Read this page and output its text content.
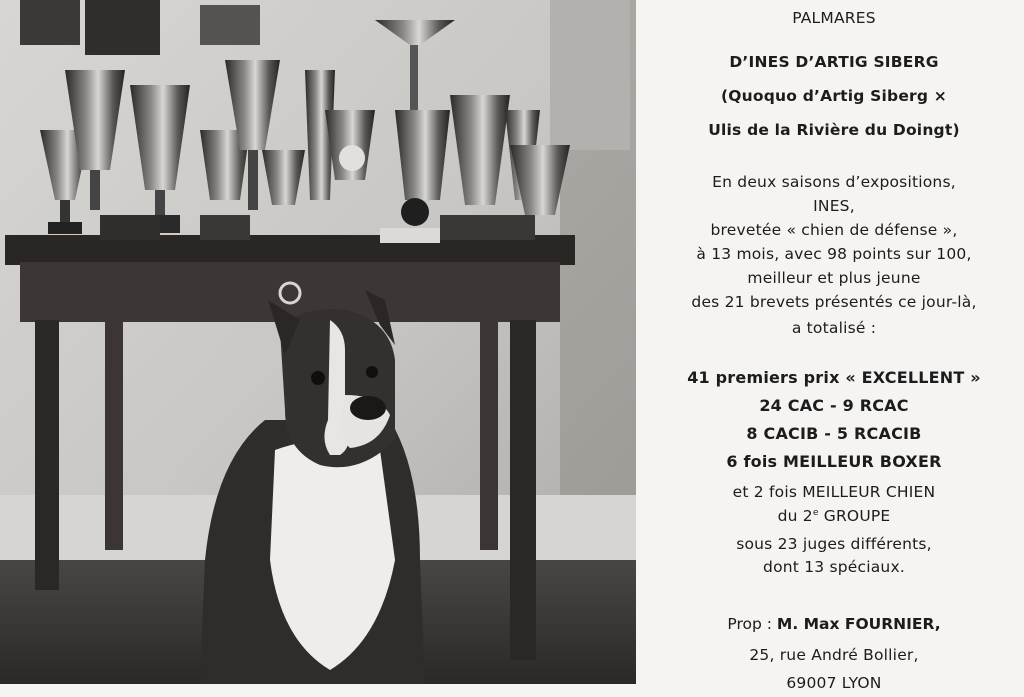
PALMARES
D’INES D’ARTIG SIBERG
(Quoquo d’Artig Siberg ×
Ulis de la Rivière du Doingt)
En deux saisons d’expositions,
INES,
brevetée « chien de défense »,
à 13 mois, avec 98 points sur 100,
meilleur et plus jeune
des 21 brevets présentés ce jour-là,
a totalisé :
41 premiers prix « EXCELLENT »
24 CAC - 9 RCAC
8 CACIB - 5 RCACIB
6 fois MEILLEUR BOXER
et 2 fois MEILLEUR CHIEN
du 2e GROUPE
sous 23 juges différents,
dont 13 spéciaux.
Prop : M. Max FOURNIER,
25, rue André Bollier,
69007 LYON
